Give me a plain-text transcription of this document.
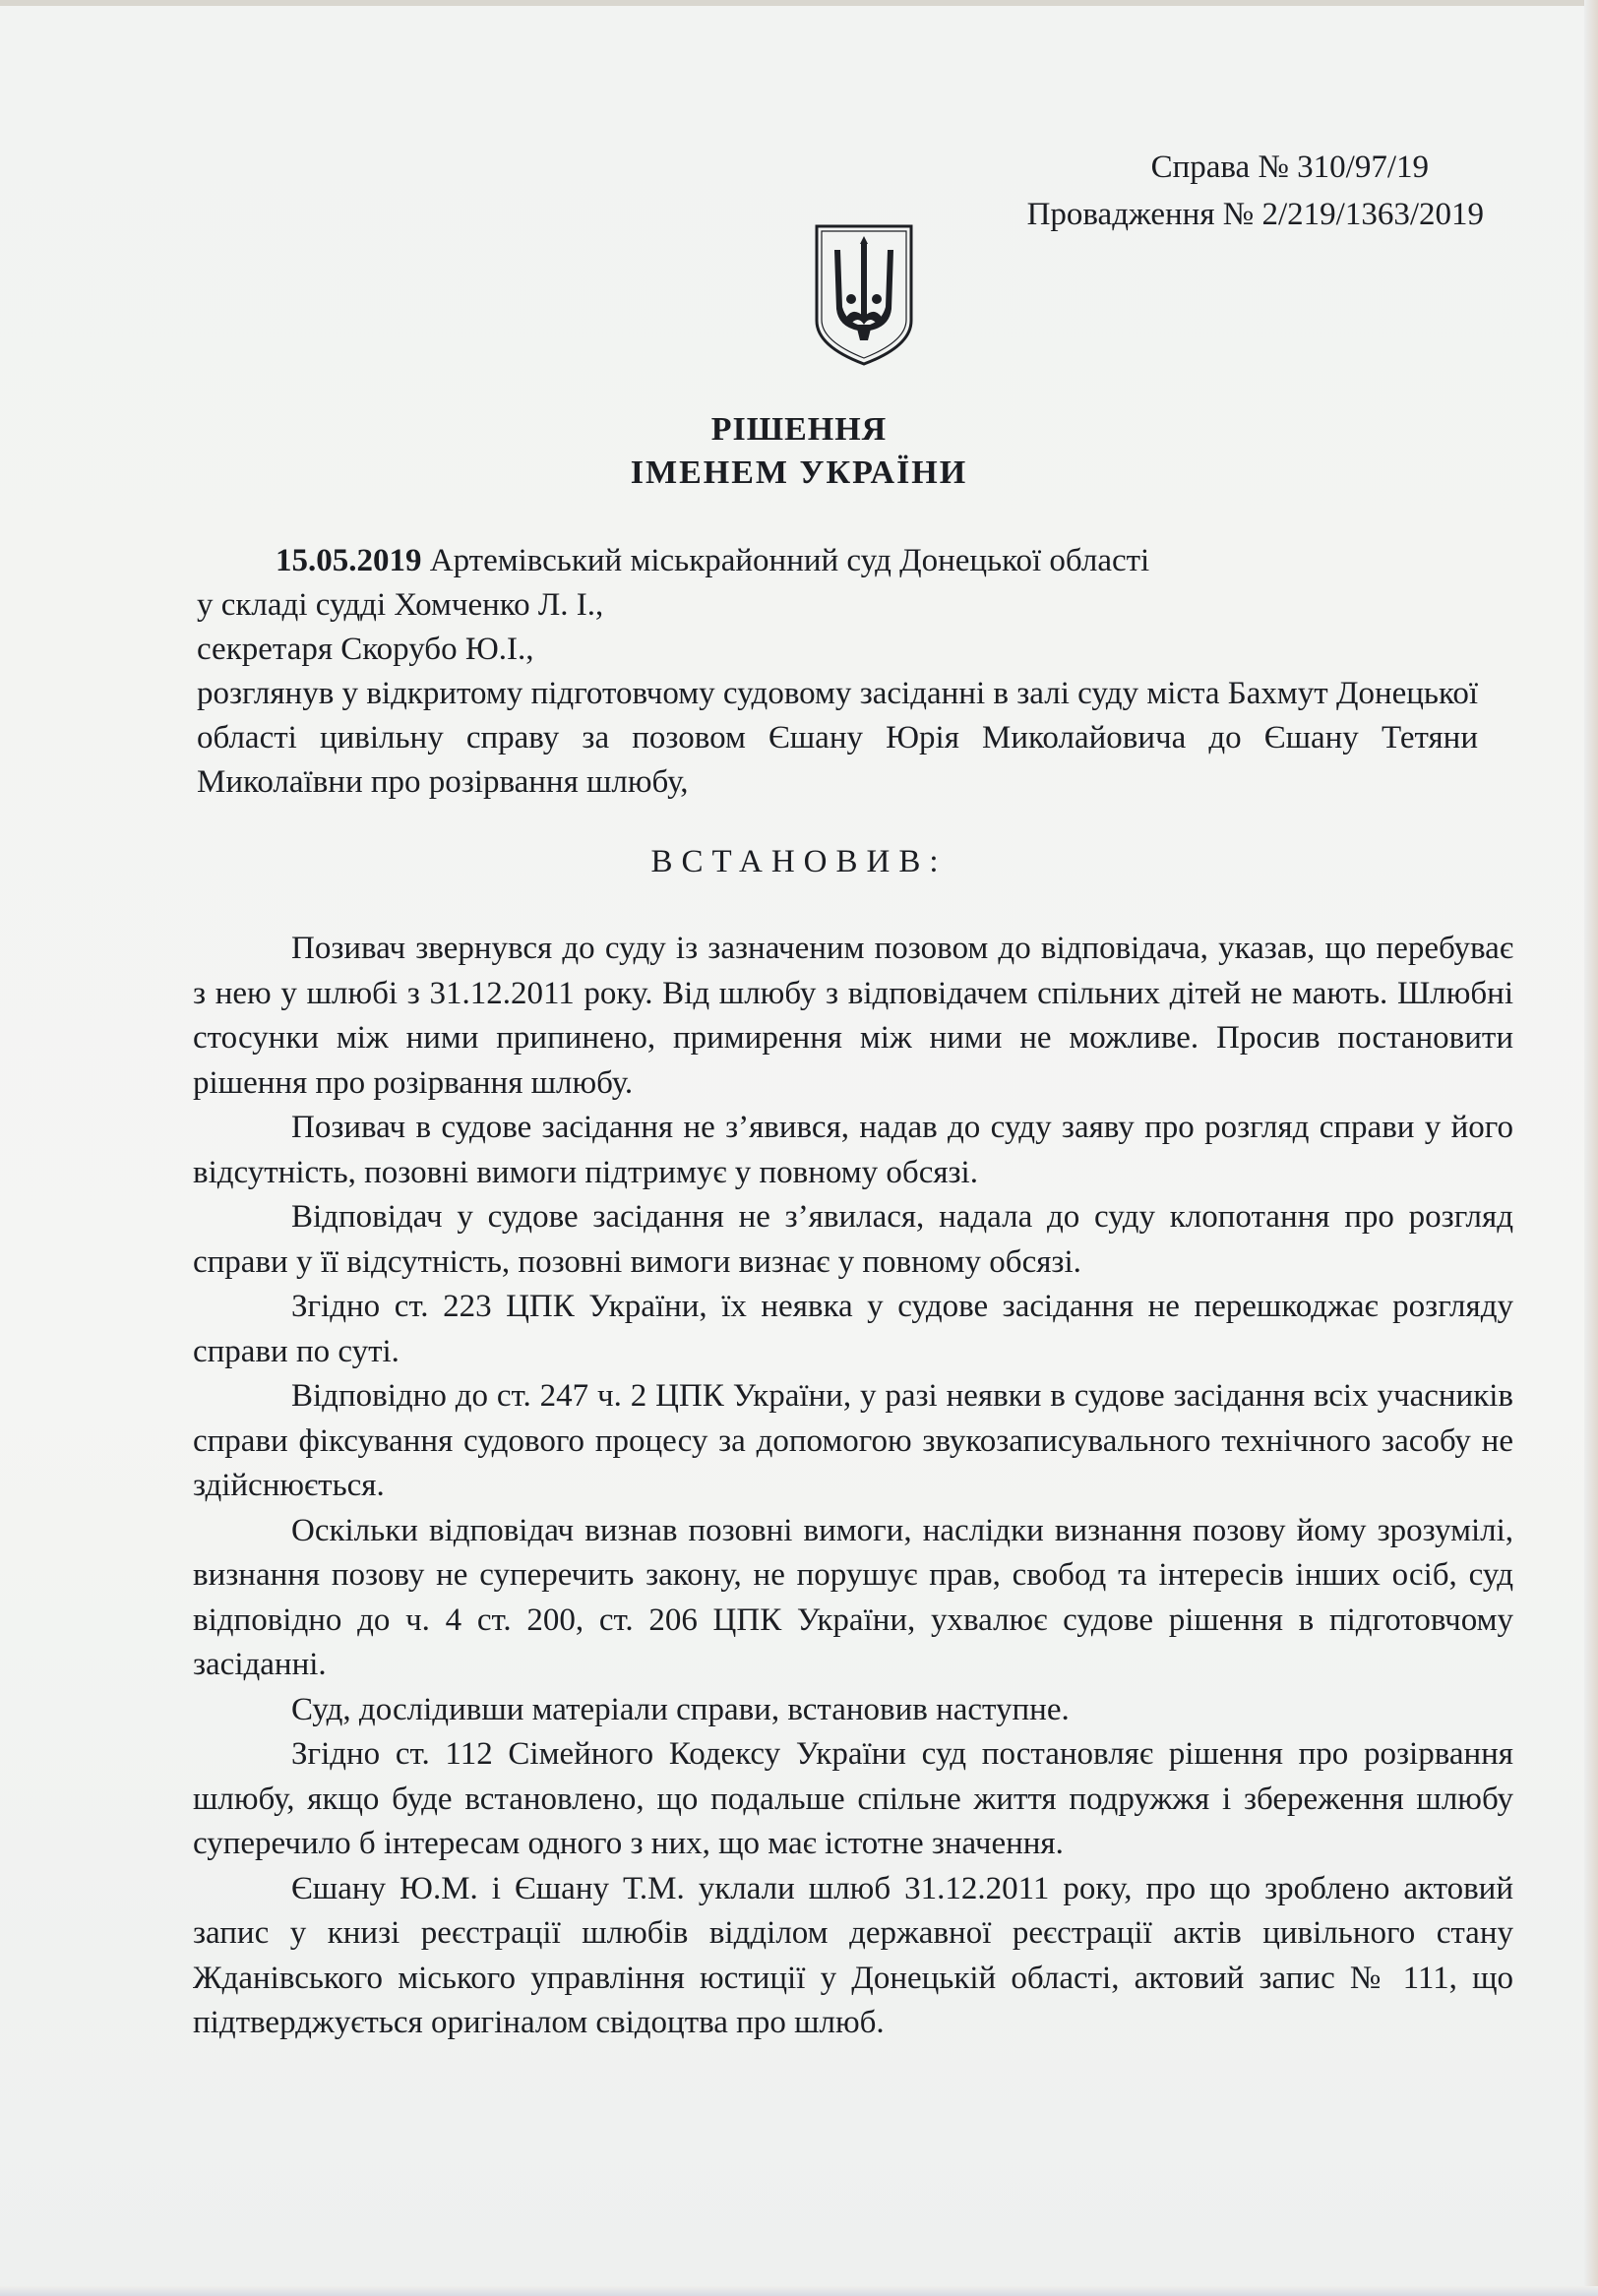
Справа № 310/97/19
Провадження № 2/219/1363/2019
РІШЕННЯ
ІМЕНЕМ УКРАЇНИ

15.05.2019 Артемівський міськрайонний суд Донецької області

у складі судді Хомченко Л. І.,

секретаря Скорубо Ю.І.,

розглянув у відкритому підготовчому судовому засіданні в залі суду міста Бахмут Донецької області цивільну справу за позовом Єшану Юрія Миколайовича до Єшану Тетяни Миколаївни про розірвання шлюбу,

ВСТАНОВИВ:

Позивач звернувся до суду із зазначеним позовом до відповідача, указав, що перебуває з нею у шлюбі з 31.12.2011 року. Від шлюбу з відповідачем спільних дітей не мають. Шлюбні стосунки між ними припинено, примирення між ними не можливе. Просив постановити рішення про розірвання шлюбу.

Позивач в судове засідання не з’явився, надав до суду заяву про розгляд справи у його відсутність, позовні вимоги підтримує у повному обсязі.

Відповідач у судове засідання не з’явилася, надала до суду клопотання про розгляд справи у її відсутність, позовні вимоги визнає у повному обсязі.

Згідно ст. 223 ЦПК України, їх неявка у судове засідання не перешкоджає розгляду справи по суті.

Відповідно до ст. 247 ч. 2 ЦПК України, у разі неявки в судове засідання всіх учасників справи фіксування судового процесу за допомогою звукозаписувального технічного засобу не здійснюється.

Оскільки відповідач визнав позовні вимоги, наслідки визнання позову йому зрозумілі, визнання позову не суперечить закону, не порушує прав, свобод та інтересів інших осіб, суд відповідно до ч. 4 ст. 200, ст. 206 ЦПК України, ухвалює судове рішення в підготовчому засіданні.

Суд, дослідивши матеріали справи, встановив наступне.

Згідно ст. 112 Сімейного Кодексу України суд постановляє рішення про розірвання шлюбу, якщо буде встановлено, що подальше спільне життя подружжя і збереження шлюбу суперечило б інтересам одного з них, що має істотне значення.

Єшану Ю.М. і Єшану Т.М. уклали шлюб 31.12.2011 року, про що зроблено актовий запис у книзі реєстрації шлюбів відділом державної реєстрації актів цивільного стану Жданівського міського управління юстиції у Донецькій області, актовий запис № 111, що підтверджується оригіналом свідоцтва про шлюб.
